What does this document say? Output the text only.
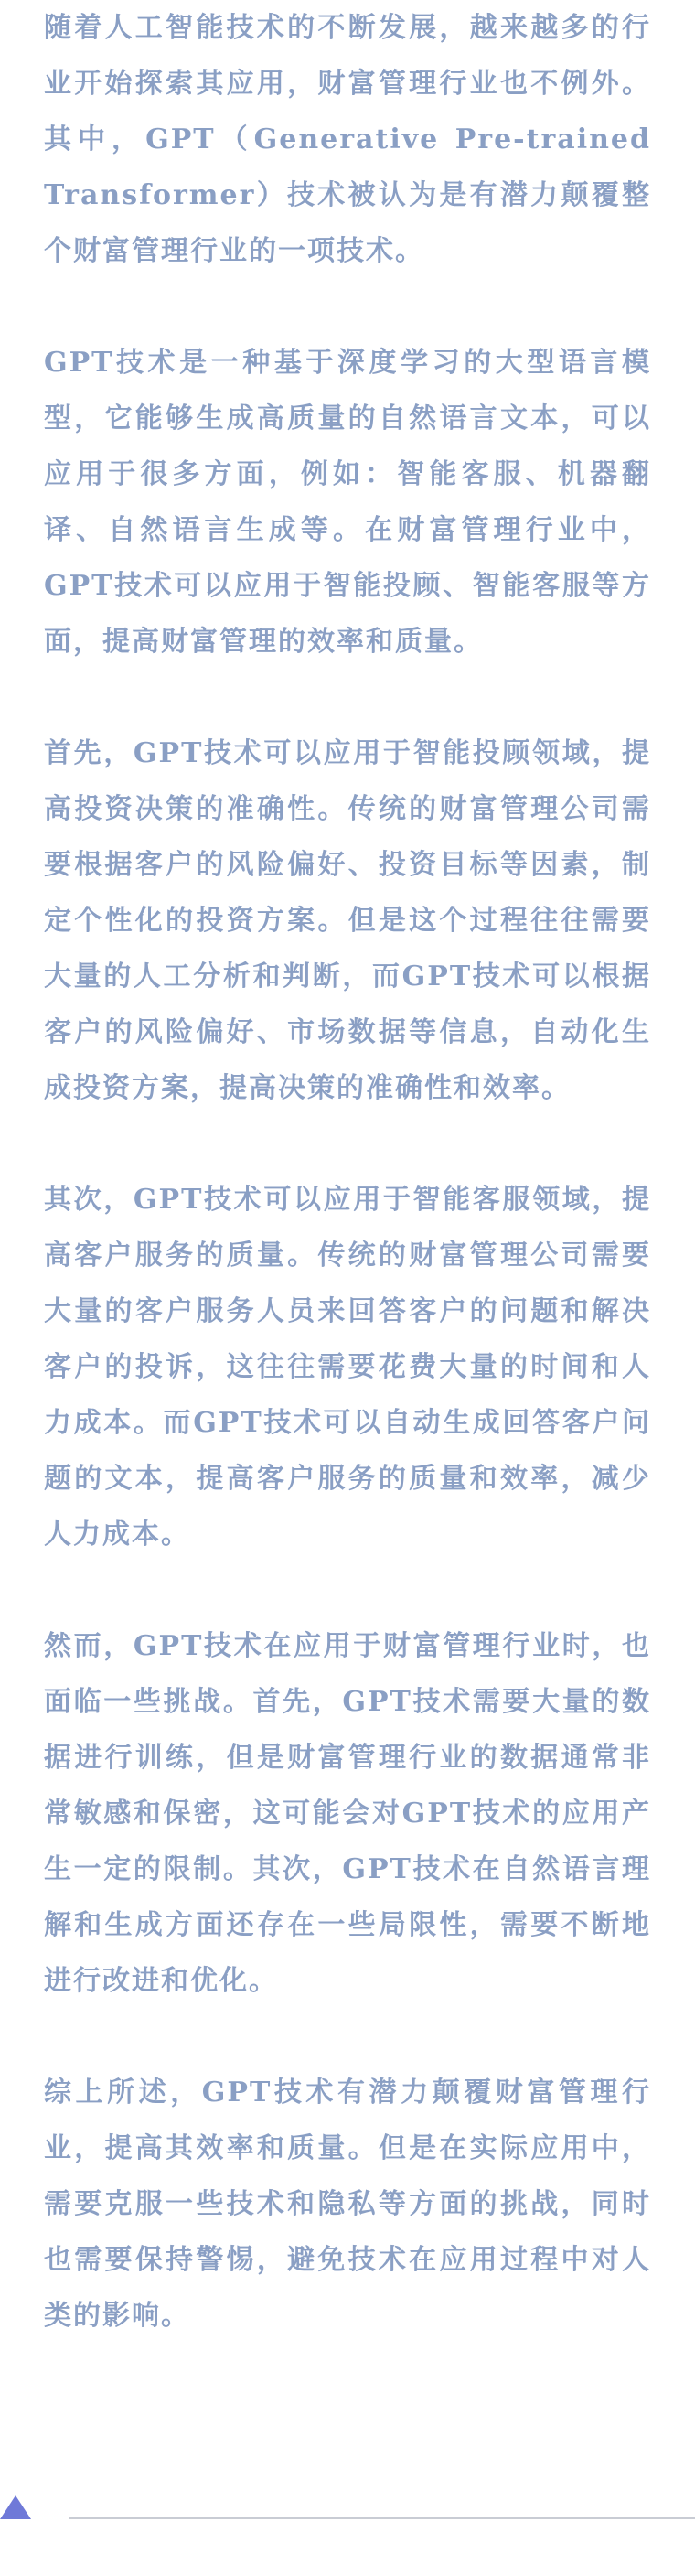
随着人工智能技术的不断发展，越来越多的行业开始探索其应用，财富管理行业也不例外。其中，GPT（Generative Pre-trained Transformer）技术被认为是有潜力颠覆整个财富管理行业的一项技术。

GPT技术是一种基于深度学习的大型语言模型，它能够生成高质量的自然语言文本，可以应用于很多方面，例如：智能客服、机器翻译、自然语言生成等。在财富管理行业中，GPT技术可以应用于智能投顾、智能客服等方面，提高财富管理的效率和质量。

首先，GPT技术可以应用于智能投顾领域，提高投资决策的准确性。传统的财富管理公司需要根据客户的风险偏好、投资目标等因素，制定个性化的投资方案。但是这个过程往往需要大量的人工分析和判断，而GPT技术可以根据客户的风险偏好、市场数据等信息，自动化生成投资方案，提高决策的准确性和效率。

其次，GPT技术可以应用于智能客服领域，提高客户服务的质量。传统的财富管理公司需要大量的客户服务人员来回答客户的问题和解决客户的投诉，这往往需要花费大量的时间和人力成本。而GPT技术可以自动生成回答客户问题的文本，提高客户服务的质量和效率，减少人力成本。

然而，GPT技术在应用于财富管理行业时，也面临一些挑战。首先，GPT技术需要大量的数据进行训练，但是财富管理行业的数据通常非常敏感和保密，这可能会对GPT技术的应用产生一定的限制。其次，GPT技术在自然语言理解和生成方面还存在一些局限性，需要不断地进行改进和优化。

综上所述，GPT技术有潜力颠覆财富管理行业，提高其效率和质量。但是在实际应用中，需要克服一些技术和隐私等方面的挑战，同时也需要保持警惕，避免技术在应用过程中对人类的影响。
